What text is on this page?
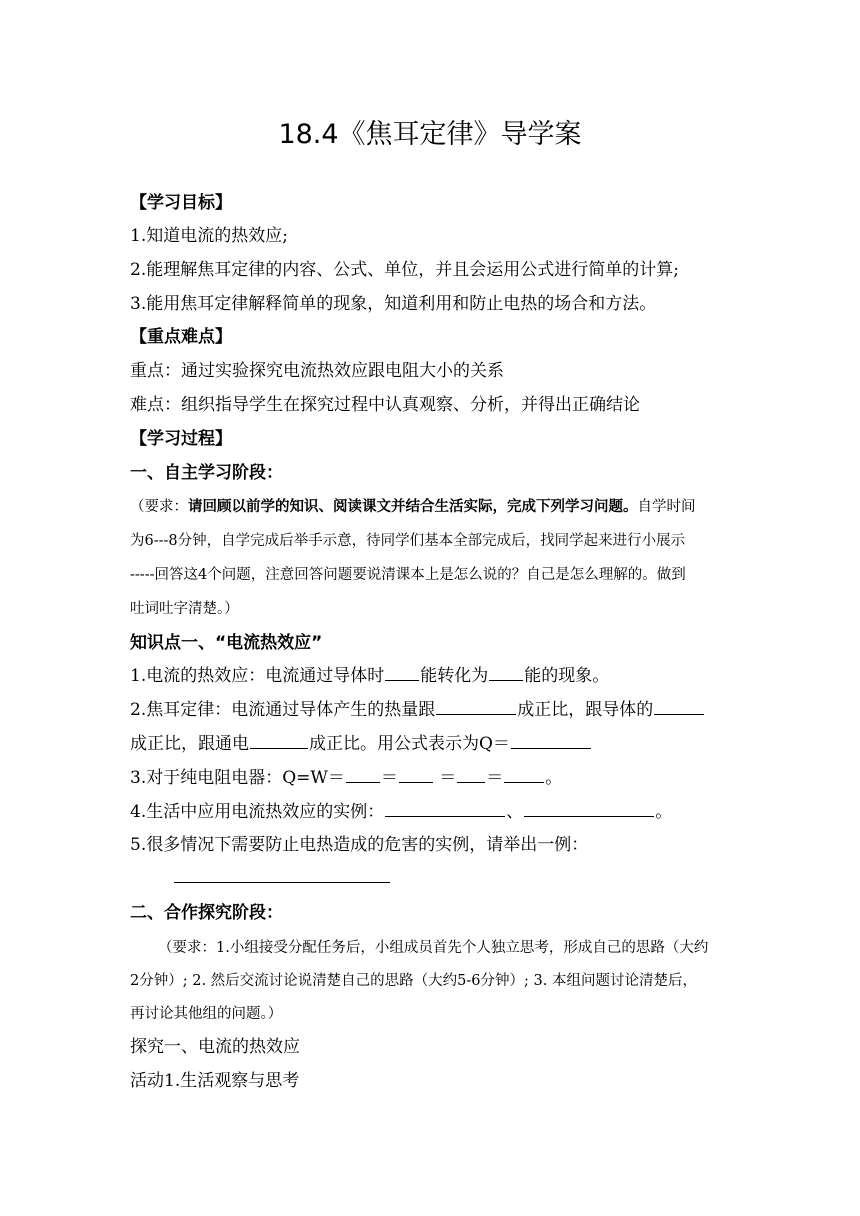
18.4《焦耳定律》导学案
【学习目标】
1.知道电流的热效应;
2.能理解焦耳定律的内容、公式、单位，并且会运用公式进行简单的计算;
3.能用焦耳定律解释简单的现象，知道利用和防止电热的场合和方法。
【重点难点】
重点：通过实验探究电流热效应跟电阻大小的关系
难点：组织指导学生在探究过程中认真观察、分析，并得出正确结论
【学习过程】
一、自主学习阶段：
（要求：请回顾以前学的知识、阅读课文并结合生活实际，完成下列学习问题。自学时间
为6---8分钟，自学完成后举手示意，待同学们基本全部完成后，找同学起来进行小展示
-----回答这4个问题，注意回答问题要说清课本上是怎么说的？自己是怎么理解的。做到
吐词吐字清楚。）
知识点一、“电流热效应”
1.电流的热效应：电流通过导体时 能转化为 能的现象。
2.焦耳定律：电流通过导体产生的热量跟	成正比，跟导体的
成正比，跟通电	成正比。用公式表示为Q＝
3.对于纯电阻电器：Q=W＝ ＝ ＝ ＝ 。
4.生活中应用电流热效应的实例：	、	。
5.很多情况下需要防止电热造成的危害的实例，请举出一例：
二、合作探究阶段：
（要求：1.小组接受分配任务后，小组成员首先个人独立思考，形成自己的思路（大约
2分钟）; 2. 然后交流讨论说清楚自己的思路（大约5-6分钟）; 3. 本组问题讨论清楚后，
再讨论其他组的问题。）
探究一、电流的热效应
活动1.生活观察与思考
